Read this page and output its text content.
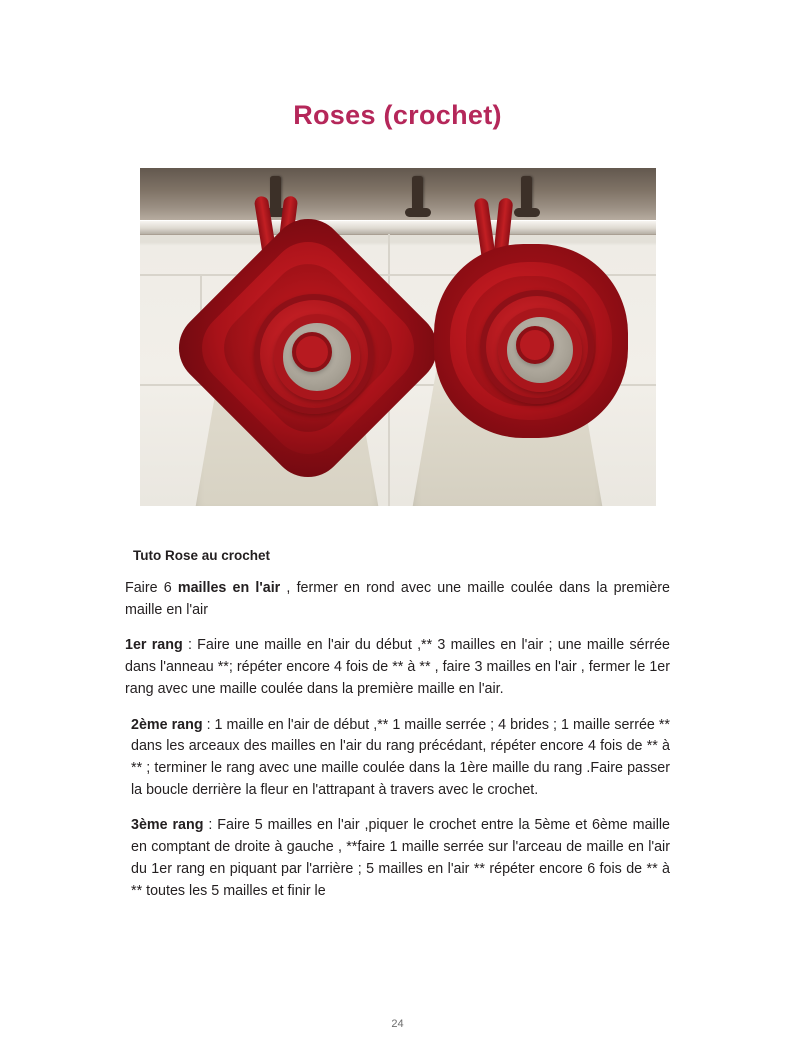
Roses (crochet)
Tuto Rose au crochet

Faire 6 mailles en l'air , fermer en rond avec une maille coulée dans la première maille en l'air

1er rang : Faire une maille en l'air du début ,** 3 mailles en l'air ; une maille sérrée dans l'anneau **; répéter encore 4 fois de ** à ** , faire 3 mailles en l'air , fermer le 1er rang avec une maille coulée dans la première maille en l'air.

2ème rang : 1 maille en l'air de début ,** 1 maille serrée ; 4 brides ; 1 maille serrée ** dans les arceaux des mailles en l'air du rang précédant, répéter encore 4 fois de ** à ** ; terminer le rang avec une maille coulée dans la 1ère maille du rang .Faire passer la boucle derrière la fleur en l'attrapant à travers avec le crochet.

3ème rang : Faire 5 mailles en l'air ,piquer le crochet entre la 5ème et 6ème maille en comptant de droite à gauche , **faire 1 maille serrée sur l'arceau de maille en l'air du 1er rang en piquant par l'arrière ; 5 mailles en l'air ** répéter encore 6 fois de ** à ** toutes les 5 mailles et finir le

24
